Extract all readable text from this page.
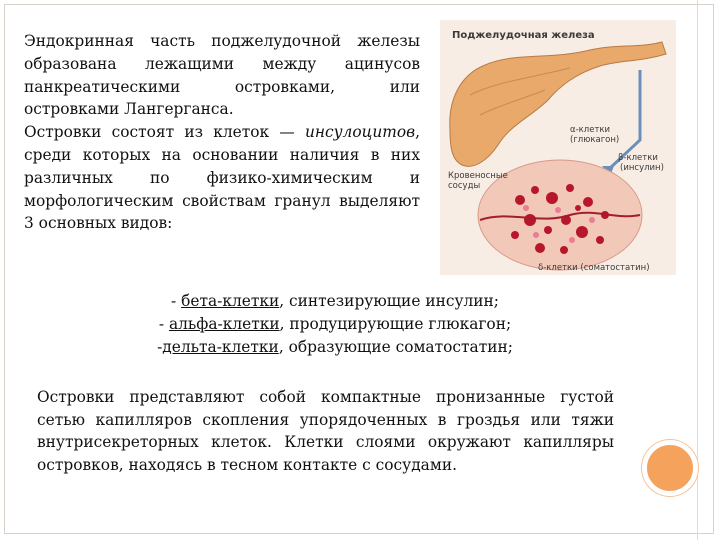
Эндокринная часть поджелудочной железы образована лежащими между ацинусов панкреатическими островками, или островками Лангерганса.

Островки состоят из клеток — инсулоцитов, среди которых на основании наличия в них различных по физико-химическим и морфологическим свойствам гранул выделяют 3 основных видов:

Поджелудочная железа
α-клетки
(глюкагон)
β-клетки
(инсулин)
Кровеносные
сосуды
δ-клетки (соматостатин)
- бета-клетки, синтезирующие инсулин;
- альфа-клетки, продуцирующие глюкагон;
-дельта-клетки, образующие соматостатин;

Островки представляют собой компактные пронизанные густой сетью капилляров скопления упорядоченных в гроздья или тяжи внутрисекреторных клеток. Клетки слоями окружают капилляры островков, находясь в тесном контакте с сосудами.
